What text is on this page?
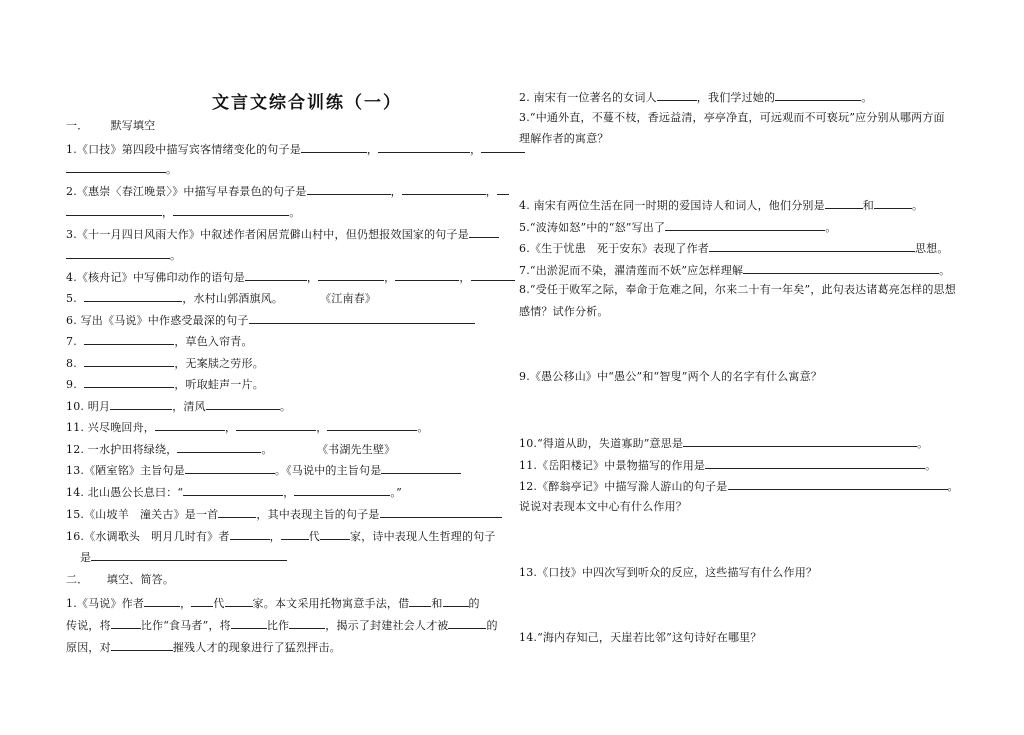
文言文综合训练（一）
一．      默写填空
1.《口技》第四段中描写宾客情绪变化的句子是	，	，
。
2.《惠崇〈春江晚景〉》中描写早春景色的句子是	，	，
，	。
3.《十一月四日风雨大作》中叙述作者闲居荒僻山村中，但仍想报效国家的句子是
。
4.《核舟记》中写佛印动作的语句是	，	，	，
5.	，水村山郭酒旗风。	《江南春》
6. 写出《马说》中作惑受最深的句子
7.	，草色入帘青。
8.	，无案牍之劳形。
9.	，听取蛙声一片。
10. 明月	，清风	。
11. 兴尽晚回舟，	，	，	。
12. 一水护田将绿绕，	。	《书湖先生壁》
13.《陋室铭》主旨句是	。《马说中的主旨句是
14. 北山愚公长息曰：“	，	。”
15.《山坡羊   潼关古》是一首	，其中表现主旨的句子是
16.《水调歌头   明月几时有》者	，	代	家，诗中表现人生哲理的句子
是
二．     填空、简答。
1.《马说》作者	， 代	家。本文采用托物寓意手法，借 和 的
传说，将	比作“食马者”，将	比作	，揭示了封建社会人才被	的
原因，对	摧残人才的现象进行了猛烈抨击。
2. 南宋有一位著名的女词人	，我们学过她的	。
3.“中通外直，不蔓不枝，香远益清，亭亭净直，可远观而不可亵玩”应分别从哪两方面
理解作者的寓意？
4. 南宋有两位生活在同一时期的爱国诗人和词人，他们分别是	和	。
5.“波涛如怒”中的“怒”写出了	。
6.《生于忧患   死于安东》表现了作者	思想。
7.“出淤泥而不染，濯清莲而不妖”应怎样理解	。
8.“受任于败军之际，奉命于危难之间，尔来二十有一年矣”，此句表达诸葛亮怎样的思想
感情？试作分析。
9.《愚公移山》中“愚公”和“智叟”两个人的名字有什么寓意？
10.“得道从助，失道寡助”意思是	。
11.《岳阳楼记》中景物描写的作用是	。
12.《醉翁亭记》中描写滁人游山的句子是	。
说说对表现本文中心有什么作用？
13.《口技》中四次写到听众的反应，这些描写有什么作用？
14.“海内存知己，天崖若比邻”这句诗好在哪里？
